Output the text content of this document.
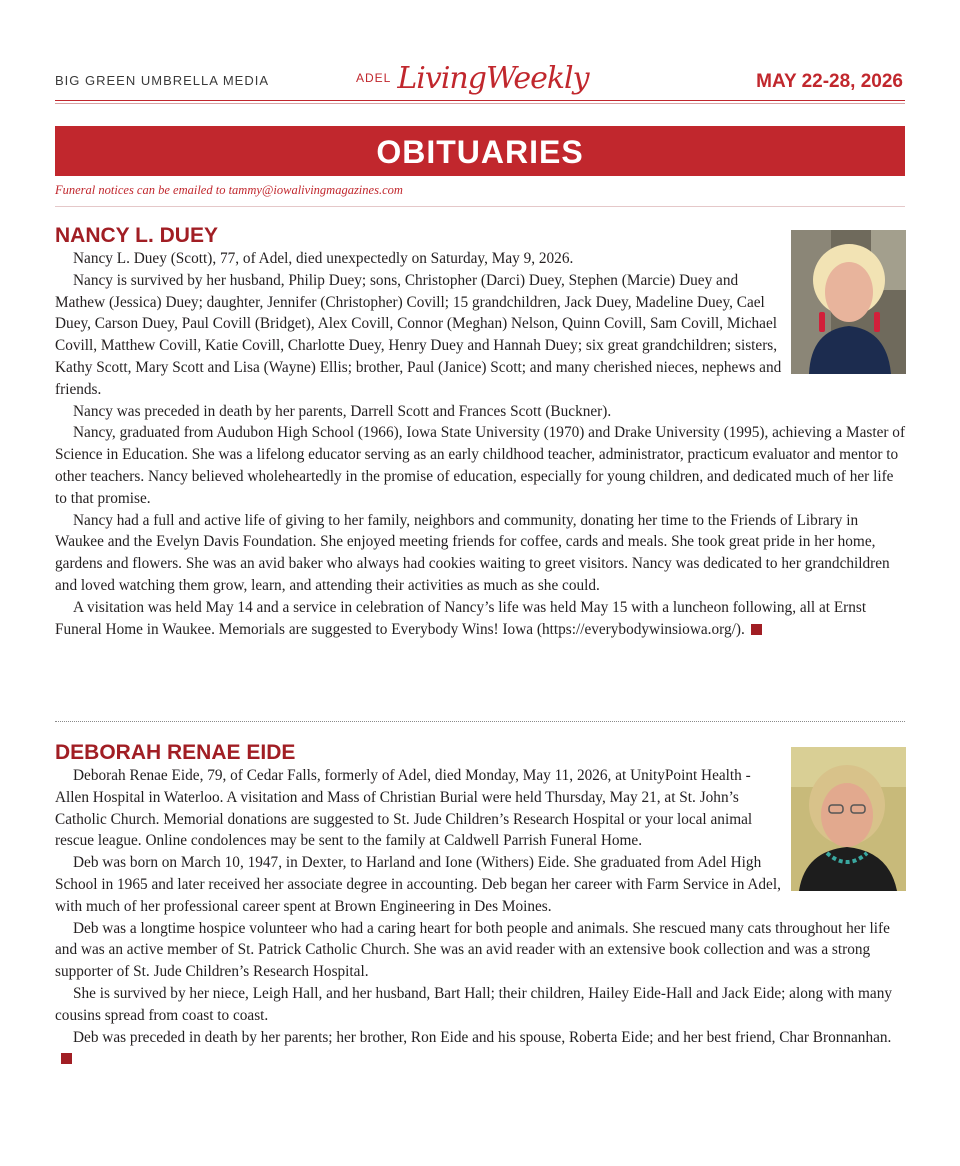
BIG GREEN UMBRELLA MEDIA	ADEL LivingWeekly	MAY 22-28, 2026
OBITUARIES
Funeral notices can be emailed to tammy@iowalivingmagazines.com
NANCY L. DUEY

Nancy L. Duey (Scott), 77, of Adel, died unexpectedly on Saturday, May 9, 2026.

Nancy is survived by her husband, Philip Duey; sons, Christopher (Darci) Duey, Stephen (Marcie) Duey and Mathew (Jessica) Duey; daughter, Jennifer (Christopher) Covill; 15 grandchildren, Jack Duey, Madeline Duey, Cael Duey, Carson Duey, Paul Covill (Bridget), Alex Covill, Connor (Meghan) Nelson, Quinn Covill, Sam Covill, Michael Covill, Matthew Covill, Katie Covill, Charlotte Duey, Henry Duey and Hannah Duey; six great grandchildren; sisters, Kathy Scott, Mary Scott and Lisa (Wayne) Ellis; brother, Paul (Janice) Scott; and many cherished nieces, nephews and friends.

Nancy was preceded in death by her parents, Darrell Scott and Frances Scott (Buckner).

Nancy, graduated from Audubon High School (1966), Iowa State University (1970) and Drake University (1995), achieving a Master of Science in Education. She was a lifelong educator serving as an early childhood teacher, administrator, practicum evaluator and mentor to other teachers. Nancy believed wholeheartedly in the promise of education, especially for young children, and dedicated much of her life to that promise.

Nancy had a full and active life of giving to her family, neighbors and community, donating her time to the Friends of Library in Waukee and the Evelyn Davis Foundation. She enjoyed meeting friends for coffee, cards and meals. She took great pride in her home, gardens and flowers. She was an avid baker who always had cookies waiting to greet visitors. Nancy was dedicated to her grandchildren and loved watching them grow, learn, and attending their activities as much as she could.

A visitation was held May 14 and a service in celebration of Nancy’s life was held May 15 with a luncheon following, all at Ernst Funeral Home in Waukee. Memorials are suggested to Everybody Wins! Iowa (https://everybodywinsiowa.org/).

DEBORAH RENAE EIDE

Deborah Renae Eide, 79, of Cedar Falls, formerly of Adel, died Monday, May 11, 2026, at UnityPoint Health - Allen Hospital in Waterloo. A visitation and Mass of Christian Burial were held Thursday, May 21, at St. John’s Catholic Church. Memorial donations are suggested to St. Jude Children’s Research Hospital or your local animal rescue league. Online condolences may be sent to the family at Caldwell Parrish Funeral Home.

Deb was born on March 10, 1947, in Dexter, to Harland and Ione (Withers) Eide. She graduated from Adel High School in 1965 and later received her associate degree in accounting. Deb began her career with Farm Service in Adel, with much of her professional career spent at Brown Engineering in Des Moines.

Deb was a longtime hospice volunteer who had a caring heart for both people and animals. She rescued many cats throughout her life and was an active member of St. Patrick Catholic Church. She was an avid reader with an extensive book collection and was a strong supporter of St. Jude Children’s Research Hospital.

She is survived by her niece, Leigh Hall, and her husband, Bart Hall; their children, Hailey Eide-Hall and Jack Eide; along with many cousins spread from coast to coast.

Deb was preceded in death by her parents; her brother, Ron Eide and his spouse, Roberta Eide; and her best friend, Char Bronnanhan.
